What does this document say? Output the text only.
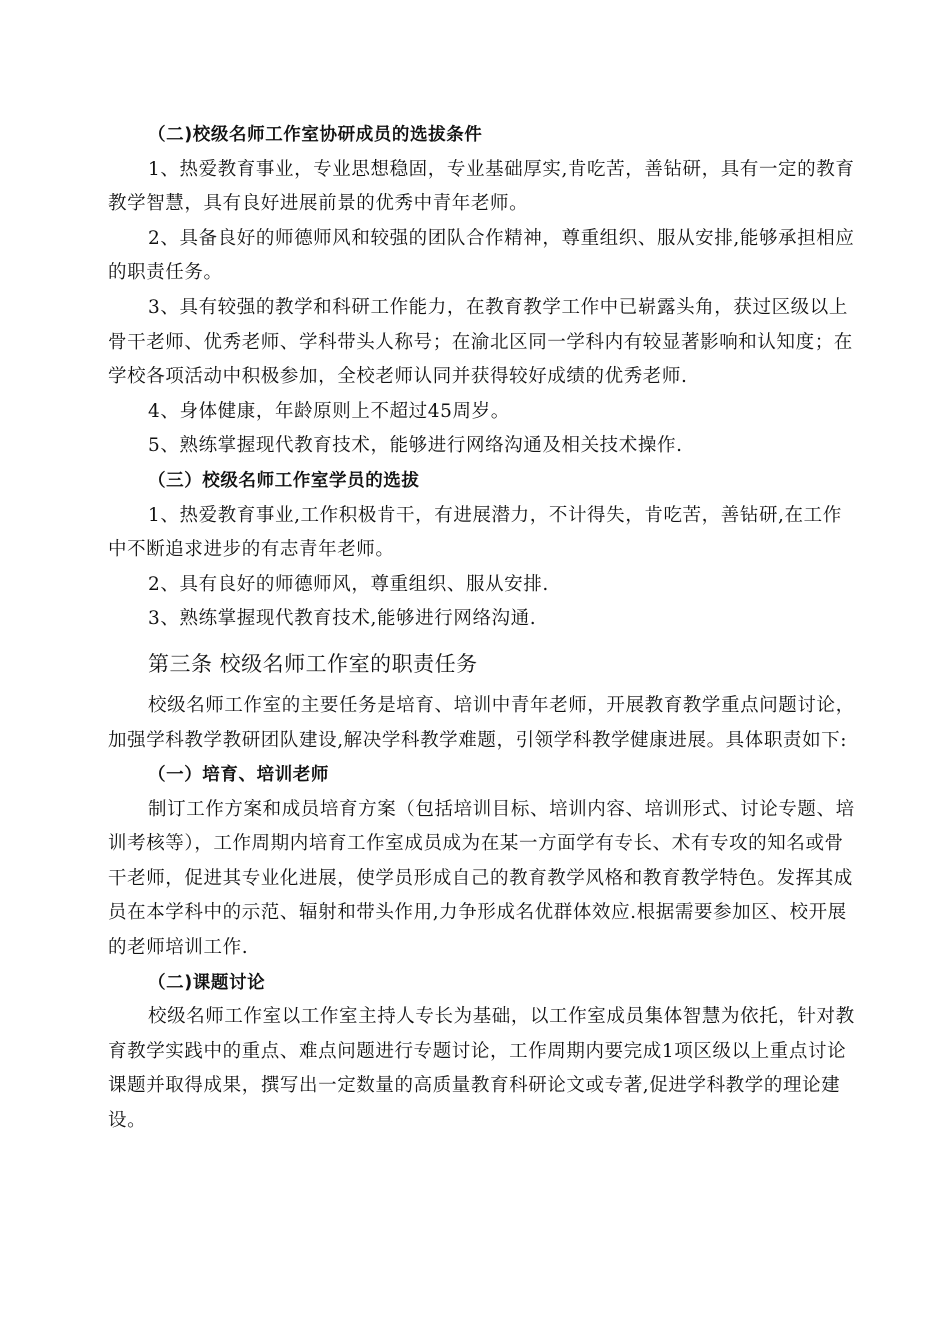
（二)校级名师工作室协研成员的选拔条件
1、热爱教育事业，专业思想稳固，专业基础厚实,肯吃苦，善钻研，具有一定的教育
教学智慧，具有良好进展前景的优秀中青年老师。
2、具备良好的师德师风和较强的团队合作精神，尊重组织、服从安排,能够承担相应
的职责任务。
3、具有较强的教学和科研工作能力，在教育教学工作中已崭露头角，获过区级以上
骨干老师、优秀老师、学科带头人称号；在渝北区同一学科内有较显著影响和认知度；在
学校各项活动中积极参加，全校老师认同并获得较好成绩的优秀老师.
4、身体健康，年龄原则上不超过45周岁。
5、熟练掌握现代教育技术，能够进行网络沟通及相关技术操作.
（三）校级名师工作室学员的选拔
1、热爱教育事业,工作积极肯干，有进展潜力，不计得失，肯吃苦，善钻研,在工作
中不断追求进步的有志青年老师。
2、具有良好的师德师风，尊重组织、服从安排.
3、熟练掌握现代教育技术,能够进行网络沟通.
第三条 校级名师工作室的职责任务
校级名师工作室的主要任务是培育、培训中青年老师，开展教育教学重点问题讨论，
加强学科教学教研团队建设,解决学科教学难题，引领学科教学健康进展。具体职责如下:
（一）培育、培训老师
制订工作方案和成员培育方案（包括培训目标、培训内容、培训形式、讨论专题、培
训考核等），工作周期内培育工作室成员成为在某一方面学有专长、术有专攻的知名或骨
干老师，促进其专业化进展，使学员形成自己的教育教学风格和教育教学特色。发挥其成
员在本学科中的示范、辐射和带头作用,力争形成名优群体效应.根据需要参加区、校开展
的老师培训工作.
（二)课题讨论
校级名师工作室以工作室主持人专长为基础，以工作室成员集体智慧为依托，针对教
育教学实践中的重点、难点问题进行专题讨论，工作周期内要完成1项区级以上重点讨论
课题并取得成果，撰写出一定数量的高质量教育科研论文或专著,促进学科教学的理论建
设。
